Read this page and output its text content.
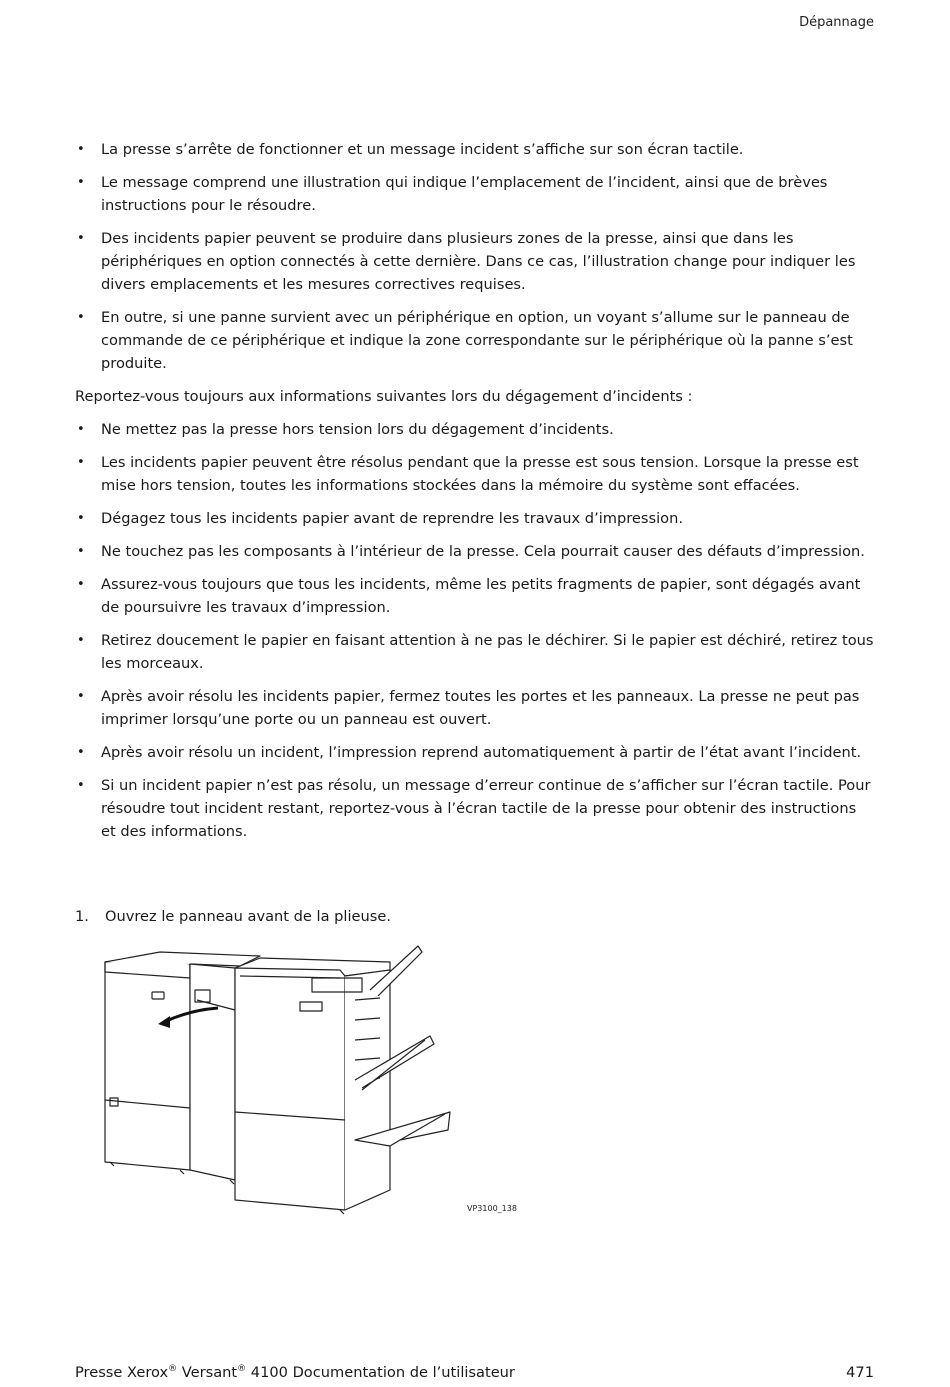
Dépannage
• La presse s’arrête de fonctionner et un message incident s’affiche sur son écran tactile.
• Le message comprend une illustration qui indique l’emplacement de l’incident, ainsi que de brèves instructions pour le résoudre.
• Des incidents papier peuvent se produire dans plusieurs zones de la presse, ainsi que dans les périphériques en option connectés à cette dernière. Dans ce cas, l’illustration change pour indiquer les divers emplacements et les mesures correctives requises.
• En outre, si une panne survient avec un périphérique en option, un voyant s’allume sur le panneau de commande de ce périphérique et indique la zone correspondante sur le périphérique où la panne s’est produite.

Reportez-vous toujours aux informations suivantes lors du dégagement d’incidents :

• Ne mettez pas la presse hors tension lors du dégagement d’incidents.
• Les incidents papier peuvent être résolus pendant que la presse est sous tension. Lorsque la presse est mise hors tension, toutes les informations stockées dans la mémoire du système sont effacées.
• Dégagez tous les incidents papier avant de reprendre les travaux d’impression.
• Ne touchez pas les composants à l’intérieur de la presse. Cela pourrait causer des défauts d’impression.
• Assurez-vous toujours que tous les incidents, même les petits fragments de papier, sont dégagés avant de poursuivre les travaux d’impression.
• Retirez doucement le papier en faisant attention à ne pas le déchirer. Si le papier est déchiré, retirez tous les morceaux.
• Après avoir résolu les incidents papier, fermez toutes les portes et les panneaux. La presse ne peut pas imprimer lorsqu’une porte ou un panneau est ouvert.
• Après avoir résolu un incident, l’impression reprend automatiquement à partir de l’état avant l’incident.
• Si un incident papier n’est pas résolu, un message d’erreur continue de s’afficher sur l’écran tactile. Pour résoudre tout incident restant, reportez-vous à l’écran tactile de la presse pour obtenir des instructions et des informations.
1. Ouvrez le panneau avant de la plieuse.
VP3100_138
Presse Xerox® Versant® 4100 Documentation de l’utilisateur	471
